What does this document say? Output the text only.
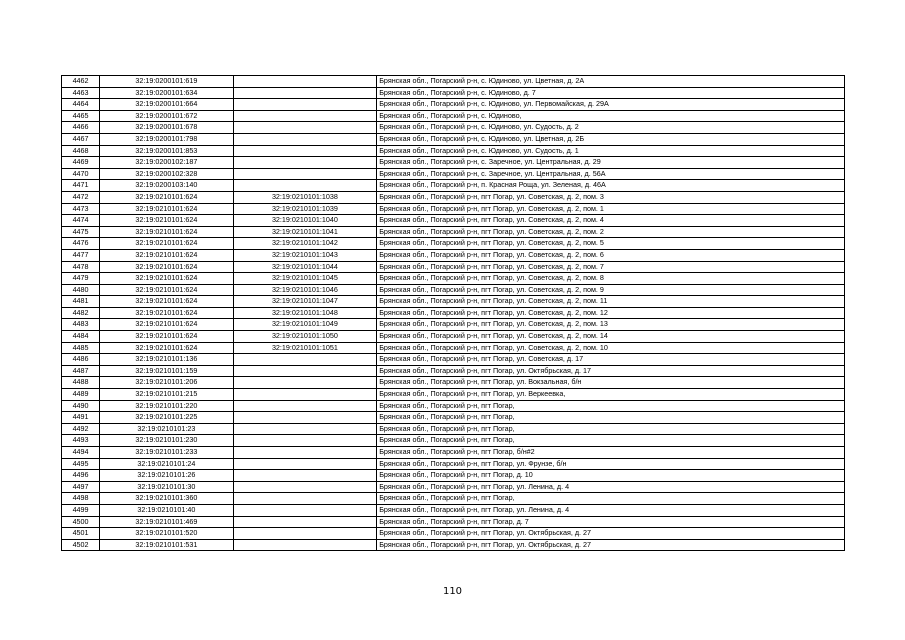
4462	32:19:0200101:619		Брянская обл., Погарский р-н, с. Юдиново, ул. Цветная, д. 2А
4463	32:19:0200101:634		Брянская обл., Погарский р-н, с. Юдиново, д. 7
4464	32:19:0200101:664		Брянская обл., Погарский р-н, с. Юдиново, ул. Первомайская, д. 29А
4465	32:19:0200101:672		Брянская обл., Погарский р-н, с. Юдиново,
4466	32:19:0200101:678		Брянская обл., Погарский р-н, с. Юдиново, ул. Судость, д. 2
4467	32:19:0200101:798		Брянская обл., Погарский р-н, с. Юдиново, ул. Цветная, д. 2Б
4468	32:19:0200101:853		Брянская обл., Погарский р-н, с. Юдиново, ул. Судость, д. 1
4469	32:19:0200102:187		Брянская обл., Погарский р-н, с. Заречное, ул. Центральная, д. 29
4470	32:19:0200102:328		Брянская обл., Погарский р-н, с. Заречное, ул. Центральная, д. 56А
4471	32:19:0200103:140		Брянская обл., Погарский р-н, п. Красная Роща, ул. Зеленая, д. 46А
4472	32:19:0210101:624	32:19:0210101:1038	Брянская обл., Погарский р-н, пгт Погар, ул. Советская, д. 2, пом. 3
4473	32:19:0210101:624	32:19:0210101:1039	Брянская обл., Погарский р-н, пгт Погар, ул. Советская, д. 2, пом. 1
4474	32:19:0210101:624	32:19:0210101:1040	Брянская обл., Погарский р-н, пгт Погар, ул. Советская, д. 2, пом. 4
4475	32:19:0210101:624	32:19:0210101:1041	Брянская обл., Погарский р-н, пгт Погар, ул. Советская, д. 2, пом. 2
4476	32:19:0210101:624	32:19:0210101:1042	Брянская обл., Погарский р-н, пгт Погар, ул. Советская, д. 2, пом. 5
4477	32:19:0210101:624	32:19:0210101:1043	Брянская обл., Погарский р-н, пгт Погар, ул. Советская, д. 2, пом. 6
4478	32:19:0210101:624	32:19:0210101:1044	Брянская обл., Погарский р-н, пгт Погар, ул. Советская, д. 2, пом. 7
4479	32:19:0210101:624	32:19:0210101:1045	Брянская обл., Погарский р-н, пгт Погар, ул. Советская, д. 2, пом. 8
4480	32:19:0210101:624	32:19:0210101:1046	Брянская обл., Погарский р-н, пгт Погар, ул. Советская, д. 2, пом. 9
4481	32:19:0210101:624	32:19:0210101:1047	Брянская обл., Погарский р-н, пгт Погар, ул. Советская, д. 2, пом. 11
4482	32:19:0210101:624	32:19:0210101:1048	Брянская обл., Погарский р-н, пгт Погар, ул. Советская, д. 2, пом. 12
4483	32:19:0210101:624	32:19:0210101:1049	Брянская обл., Погарский р-н, пгт Погар, ул. Советская, д. 2, пом. 13
4484	32:19:0210101:624	32:19:0210101:1050	Брянская обл., Погарский р-н, пгт Погар, ул. Советская, д. 2, пом. 14
4485	32:19:0210101:624	32:19:0210101:1051	Брянская обл., Погарский р-н, пгт Погар, ул. Советская, д. 2, пом. 10
4486	32:19:0210101:136		Брянская обл., Погарский р-н, пгт Погар, ул. Советская, д. 17
4487	32:19:0210101:159		Брянская обл., Погарский р-н, пгт Погар, ул. Октябрьская, д. 17
4488	32:19:0210101:206		Брянская обл., Погарский р-н, пгт Погар, ул. Вокзальная, б/н
4489	32:19:0210101:215		Брянская обл., Погарский р-н, пгт Погар, ул. Веркеевка,
4490	32:19:0210101:220		Брянская обл., Погарский р-н, пгт Погар,
4491	32:19:0210101:225		Брянская обл., Погарский р-н, пгт Погар,
4492	32:19:0210101:23		Брянская обл., Погарский р-н, пгт Погар,
4493	32:19:0210101:230		Брянская обл., Погарский р-н, пгт Погар,
4494	32:19:0210101:233		Брянская обл., Погарский р-н, пгт Погар, б/н#2
4495	32:19:0210101:24		Брянская обл., Погарский р-н, пгт Погар, ул. Фрунзе, б/н
4496	32:19:0210101:26		Брянская обл., Погарский р-н, пгт Погар, д. 10
4497	32:19:0210101:30		Брянская обл., Погарский р-н, пгт Погар, ул. Ленина, д. 4
4498	32:19:0210101:360		Брянская обл., Погарский р-н, пгт Погар,
4499	32:19:0210101:40		Брянская обл., Погарский р-н, пгт Погар, ул. Ленина, д. 4
4500	32:19:0210101:469		Брянская обл., Погарский р-н, пгт Погар, д. 7
4501	32:19:0210101:520		Брянская обл., Погарский р-н, пгт Погар, ул. Октябрьская, д. 27
4502	32:19:0210101:531		Брянская обл., Погарский р-н, пгт Погар, ул. Октябрьская, д. 27
110
